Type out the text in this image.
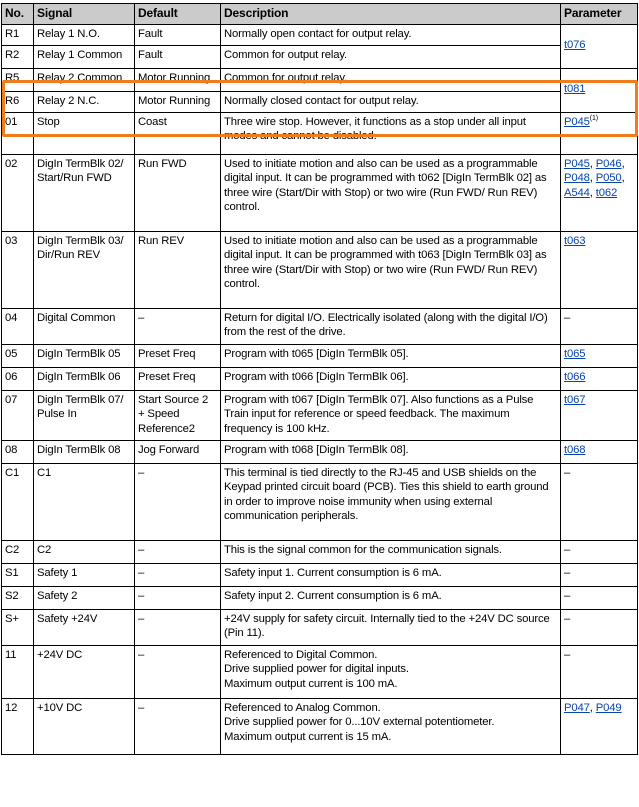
No.	Signal	Default	Description	Parameter
R1	Relay 1 N.O.	Fault	Normally open contact for output relay.	t076
R2	Relay 1 Common	Fault	Common for output relay.	
R5	Relay 2 Common	Motor Running	Common for output relay.	t081
R6	Relay 2 N.C.	Motor Running	Normally closed contact for output relay.	
01	Stop	Coast	Three wire stop. However, it functions as a stop under all input modes and cannot be disabled.	P045$^{(1)}$
02	DigIn TermBlk 02/ Start/Run FWD	Run FWD	Used to initiate motion and also can be used as a programmable digital input. It can be programmed with t062 [DigIn TermBlk 02] as three wire (Start/Dir with Stop) or two wire (Run FWD/ Run REV) control.	P045, P046, P048, P050, A544, t062
03	DigIn TermBlk 03/ Dir/Run REV	Run REV	Used to initiate motion and also can be used as a programmable digital input. It can be programmed with t063 [DigIn TermBlk 03] as three wire (Start/Dir with Stop) or two wire (Run FWD/ Run REV) control.	t063
04	Digital Common	–	Return for digital I/O. Electrically isolated (along with the digital I/O) from the rest of the drive.	–
05	DigIn TermBlk 05	Preset Freq	Program with t065 [DigIn TermBlk 05].	t065
06	DigIn TermBlk 06	Preset Freq	Program with t066 [DigIn TermBlk 06].	t066
07	DigIn TermBlk 07/ Pulse In	Start Source 2 + Speed Reference2	Program with t067 [DigIn TermBlk 07]. Also functions as a Pulse Train input for reference or speed feedback. The maximum frequency is 100 kHz.	t067
08	DigIn TermBlk 08	Jog Forward	Program with t068 [DigIn TermBlk 08].	t068
C1	C1	–	This terminal is tied directly to the RJ-45 and USB shields on the Keypad printed circuit board (PCB). Ties this shield to earth ground in order to improve noise immunity when using external communication peripherals.	–
C2	C2	–	This is the signal common for the communication signals.	–
S1	Safety 1	–	Safety input 1. Current consumption is 6 mA.	–
S2	Safety 2	–	Safety input 2. Current consumption is 6 mA.	–
S+	Safety +24V	–	+24V supply for safety circuit. Internally tied to the +24V DC source (Pin 11).	–
11	+24V DC	–	Referenced to Digital Common.
Drive supplied power for digital inputs.
Maximum output current is 100 mA.	–
12	+10V DC	–	Referenced to Analog Common.
Drive supplied power for 0...10V external potentiometer.
Maximum output current is 15 mA.	P047, P049
